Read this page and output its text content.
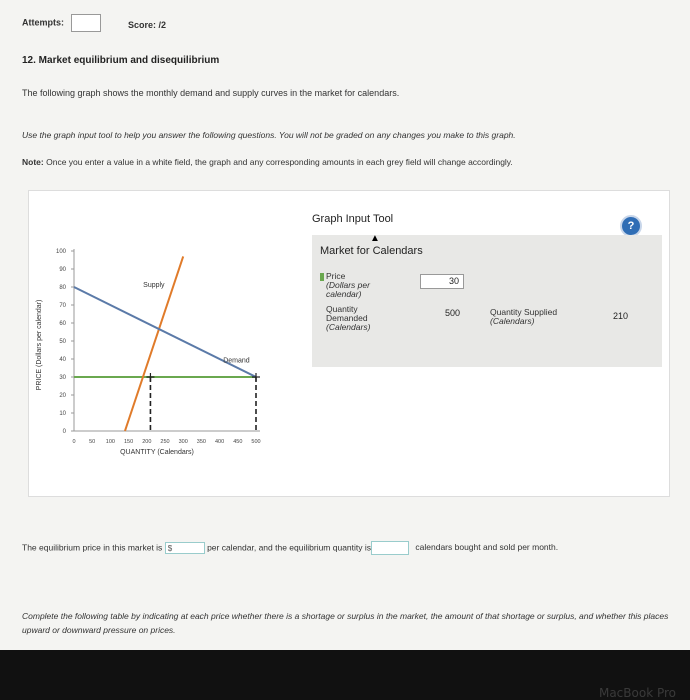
Attempts:	Score: /2
12. Market equilibrium and disequilibrium
The following graph shows the monthly demand and supply curves in the market for calendars.
Use the graph input tool to help you answer the following questions. You will not be graded on any changes you make to this graph.
Note: Once you enter a value in a white field, the graph and any corresponding amounts in each grey field will change accordingly.
0
10
20
30
40
50
60
70
80
90
100
0 50 100 150 200 250 300 350 400 450 500
QUANTITY (Calendars)
PRICE (Dollars per calendar)
Supply
Demand
Graph Input Tool
?
▲
Market for Calendars
Price
(Dollars per calendar)
30
Quantity Demanded
(Calendars)
500	Quantity Supplied
(Calendars)	210
The equilibrium price in this market is $	per calendar, and the equilibrium quantity is	calendars bought and sold per month.
Complete the following table by indicating at each price whether there is a shortage or surplus in the market, the amount of that shortage or surplus, and whether this places upward or downward pressure on prices.
MacBook Pro
